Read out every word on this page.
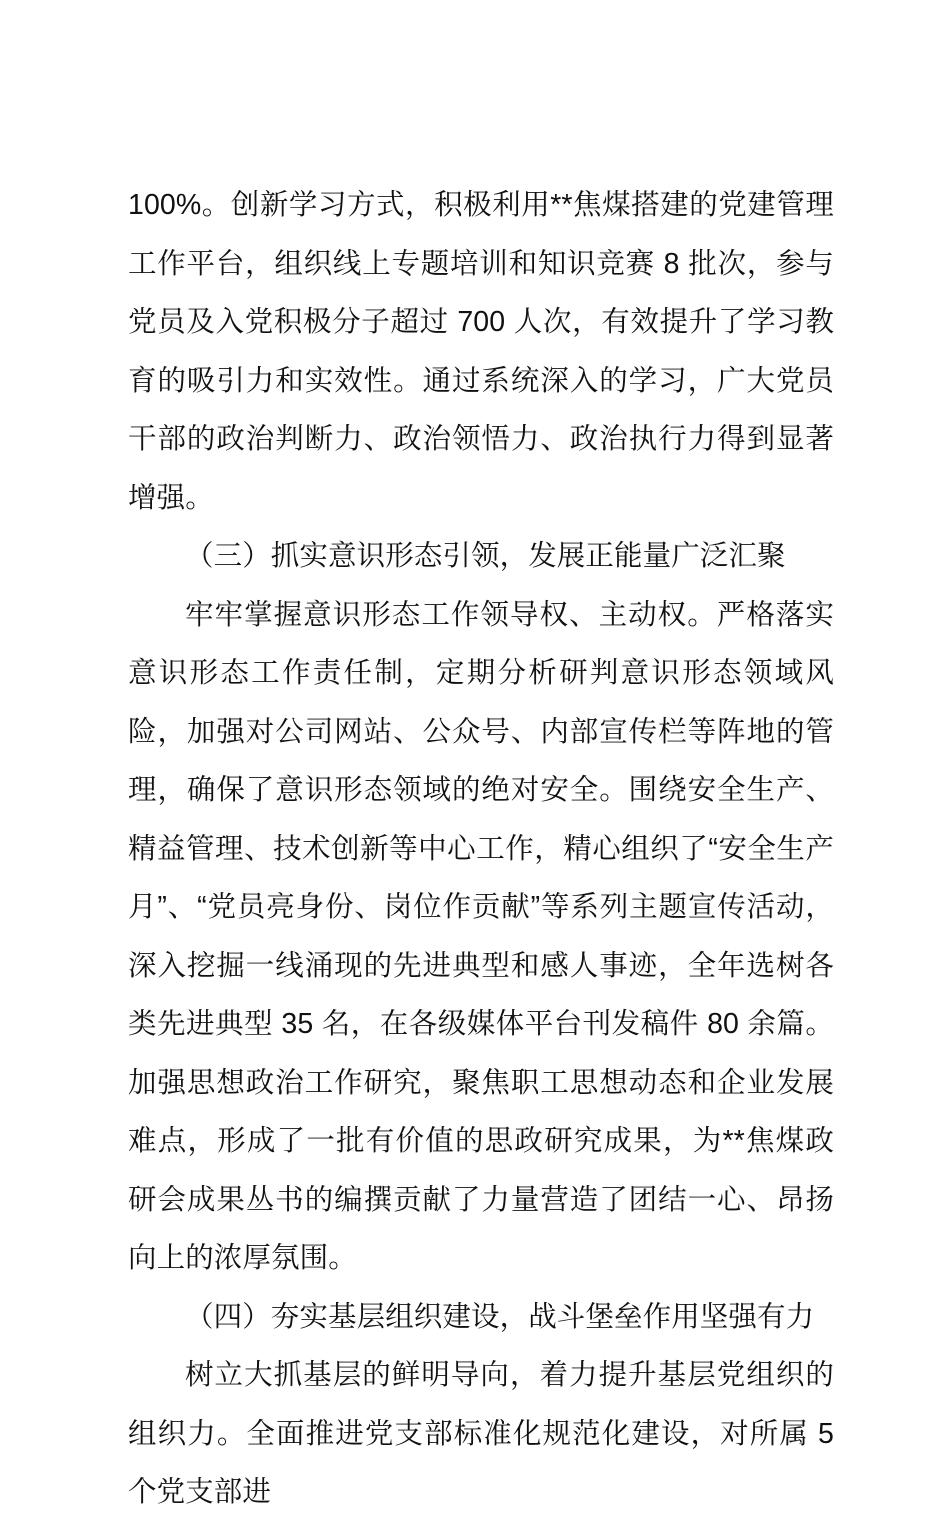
100%。创新学习方式，积极利用**焦煤搭建的党建管理工作平台，组织线上专题培训和知识竞赛 8 批次，参与党员及入党积极分子超过 700 人次，有效提升了学习教育的吸引力和实效性。通过系统深入的学习，广大党员干部的政治判断力、政治领悟力、政治执行力得到显著增强。

（三）抓实意识形态引领，发展正能量广泛汇聚

牢牢掌握意识形态工作领导权、主动权。严格落实意识形态工作责任制，定期分析研判意识形态领域风险，加强对公司网站、公众号、内部宣传栏等阵地的管理，确保了意识形态领域的绝对安全。围绕安全生产、精益管理、技术创新等中心工作，精心组织了“安全生产月”、“党员亮身份、岗位作贡献”等系列主题宣传活动，深入挖掘一线涌现的先进典型和感人事迹，全年选树各类先进典型 35 名，在各级媒体平台刊发稿件 80 余篇。加强思想政治工作研究，聚焦职工思想动态和企业发展难点，形成了一批有价值的思政研究成果，为**焦煤政研会成果丛书的编撰贡献了力量营造了团结一心、昂扬向上的浓厚氛围。

（四）夯实基层组织建设，战斗堡垒作用坚强有力

树立大抓基层的鲜明导向，着力提升基层党组织的组织力。全面推进党支部标准化规范化建设，对所属 5 个党支部进
